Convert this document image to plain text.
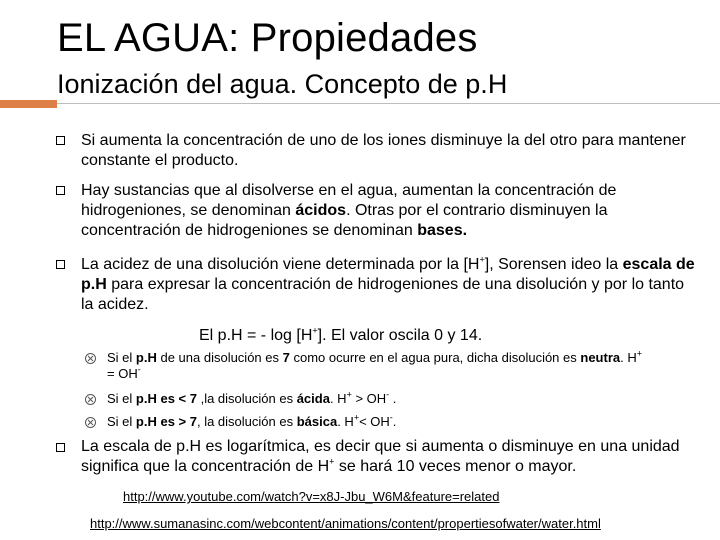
EL AGUA: Propiedades
Ionización del agua. Concepto de p.H
Si aumenta la concentración de uno de los iones disminuye la del otro para mantener constante el producto.
Hay sustancias que al disolverse en el agua, aumentan la concentración de hidrogeniones, se denominan ácidos. Otras por el contrario disminuyen la concentración de hidrogeniones se denominan bases.
La acidez de una disolución viene determinada por la [H+], Sorensen ideo la escala de p.H para expresar la concentración de hidrogeniones de una disolución y por lo tanto la acidez.
El p.H = - log [H+]. El valor oscila 0 y 14.
Si el p.H de una disolución es 7 como ocurre en el agua pura, dicha disolución es neutra. H+
= OH-
Si el p.H es < 7 ,la disolución es ácida. H+ > OH- .
Si el p.H es > 7, la disolución es básica. H+< OH-.
La escala de p.H es logarítmica, es decir que si aumenta o disminuye en una unidad significa que la concentración de H+ se hará 10 veces menor o mayor.
http://www.youtube.com/watch?v=x8J-Jbu_W6M&feature=related
http://www.sumanasinc.com/webcontent/animations/content/propertiesofwater/water.html
